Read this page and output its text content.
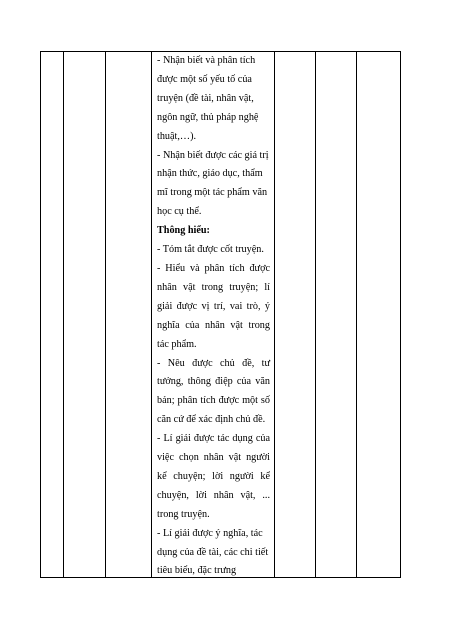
- Nhận biết và phân tích được một số yếu tố của truyện (đề tài, nhân vật, ngôn ngữ, thủ pháp nghệ thuật,…).

- Nhận biết được các giá trị nhận thức, giáo dục, thẩm mĩ trong một tác phẩm văn học cụ thể.

Thông hiểu:

- Tóm tắt được cốt truyện.

- Hiểu và phân tích được nhân vật trong truyện; lí giải được vị trí, vai trò, ý nghĩa của nhân vật trong tác phẩm.

- Nêu được chủ đề, tư tưởng, thông điệp của văn bản; phân tích được một số căn cứ để xác định chủ đề.

- Lí giải được tác dụng của việc chọn nhân vật người kể chuyện; lời người kể chuyện, lời nhân vật, ... trong truyện.

- Lí giải được ý nghĩa, tác dụng của đề tài, các chi tiết tiêu biểu, đặc trưng
